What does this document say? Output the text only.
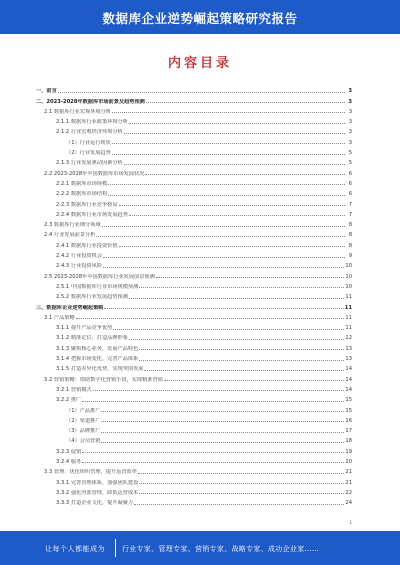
数据库企业逆势崛起策略研究报告
内容目录
一、前言	3
二、2023-2028年数据库市场前景及趋势预测	3
2.1 数据库行业宏观环境分析	3
2.1.1 数据库行业政策环境分析	3
2.1.2 行业宏观经济环境分析	3
（1）行业运行现状	3
（2）行业发展趋势	5
2.1.3 行业发展驱动因素分析	5
2.2 2023-2028年中国数据库市场发展状况	6
2.2.1 数据库市场规模	6
2.2.2 数据库市场结构	6
2.2.3 数据库行业竞争格局	7
2.2.4 数据库行业市场发展趋势	7
2.3 数据库行业细分领域	8
2.4 行业发展前景分析	8
2.4.1 数据库行业投资价值	8
2.4.2 行业投资机会	9
2.4.3 行业投资风险	10
2.5 2023-2028年中国数据库行业发展前景预测	10
2.5.1 中国数据库行业市场规模预测	10
2.5.2 数据库行业发展趋势预测	11
三、数据库企业逆势崛起策略	11
3.1 产品策略	11
3.1.1 提升产品竞争优势	11
3.1.2 精准定位，打造品牌形象	12
3.1.3 聚焦核心业务，发展产品特色	13
3.1.4 把握市场变化，完善产品体系	13
3.1.5 打造差异化优势，实现突围发展	14
3.2 营销策略：借助数字化营销手段，实现精准营销	14
3.2.1 营销模式	14
3.2.2 推广	15
（1）产品推广	15
（2）渠道推广	16
（3）品牌推广	17
（4）会员营销	18
3.2.3 促销	19
3.2.4 服务	20
3.3 管理：优化组织管理，提升运营效率	21
3.3.1 完善管理体系，加强团队建设	21
3.3.2 强化内部管理，降低运营成本	22
3.3.3 打造企业文化，提升凝聚力	24
1
让每个人都能成为 行业专家、管理专家、营销专家、战略专家、成功企业家……
